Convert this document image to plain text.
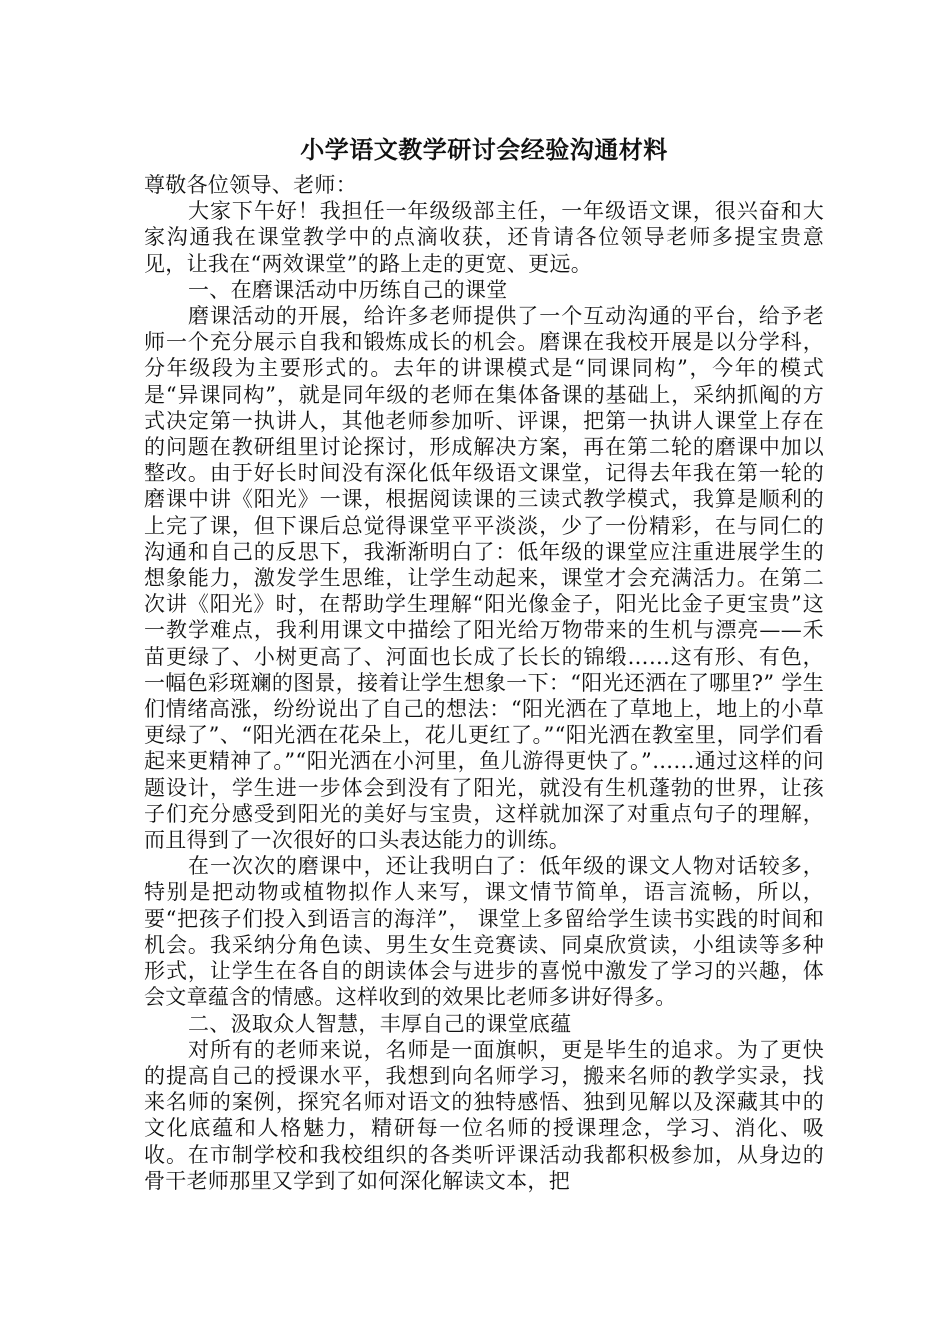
小学语文教学研讨会经验沟通材料

尊敬各位领导、老师：

大家下午好！我担任一年级级部主任，一年级语文课，很兴奋和大家沟通我在课堂教学中的点滴收获，还肯请各位领导老师多提宝贵意见，让我在“两效课堂”的路上走的更宽、更远。

一、在磨课活动中历练自己的课堂

磨课活动的开展，给许多老师提供了一个互动沟通的平台，给予老师一个充分展示自我和锻炼成长的机会。磨课在我校开展是以分学科，分年级段为主要形式的。去年的讲课模式是“同课同构”，今年的模式是“异课同构”，就是同年级的老师在集体备课的基础上，采纳抓阄的方式决定第一执讲人，其他老师参加听、评课，把第一执讲人课堂上存在的问题在教研组里讨论探讨，形成解决方案，再在第二轮的磨课中加以整改。由于好长时间没有深化低年级语文课堂，记得去年我在第一轮的磨课中讲《阳光》一课，根据阅读课的三读式教学模式，我算是顺利的上完了课，但下课后总觉得课堂平平淡淡，少了一份精彩，在与同仁的沟通和自己的反思下，我渐渐明白了：低年级的课堂应注重进展学生的想象能力，激发学生思维，让学生动起来，课堂才会充满活力。在第二次讲《阳光》时，在帮助学生理解“阳光像金子，阳光比金子更宝贵”这一教学难点，我利用课文中描绘了阳光给万物带来的生机与漂亮——禾苗更绿了、小树更高了、河面也长成了长长的锦缎……这有形、有色，一幅色彩斑斓的图景，接着让学生想象一下：“阳光还洒在了哪里?” 学生们情绪高涨，纷纷说出了自己的想法：“阳光洒在了草地上，地上的小草更绿了”、“阳光洒在花朵上，花儿更红了。”“阳光洒在教室里，同学们看起来更精神了。”“阳光洒在小河里，鱼儿游得更快了。”……通过这样的问题设计，学生进一步体会到没有了阳光，就没有生机蓬勃的世界，让孩子们充分感受到阳光的美好与宝贵，这样就加深了对重点句子的理解，而且得到了一次很好的口头表达能力的训练。

在一次次的磨课中，还让我明白了：低年级的课文人物对话较多，特别是把动物或植物拟作人来写，课文情节简单，语言流畅，所以，要“把孩子们投入到语言的海洋”， 课堂上多留给学生读书实践的时间和机会。我采纳分角色读、男生女生竞赛读、同桌欣赏读，小组读等多种形式，让学生在各自的朗读体会与进步的喜悦中激发了学习的兴趣，体会文章蕴含的情感。这样收到的效果比老师多讲好得多。

二、汲取众人智慧，丰厚自己的课堂底蕴

对所有的老师来说，名师是一面旗帜，更是毕生的追求。为了更快的提高自己的授课水平，我想到向名师学习，搬来名师的教学实录，找来名师的案例，探究名师对语文的独特感悟、独到见解以及深藏其中的文化底蕴和人格魅力，精研每一位名师的授课理念，学习、消化、吸收。在市制学校和我校组织的各类听评课活动我都积极参加，从身边的骨干老师那里又学到了如何深化解读文本，把
